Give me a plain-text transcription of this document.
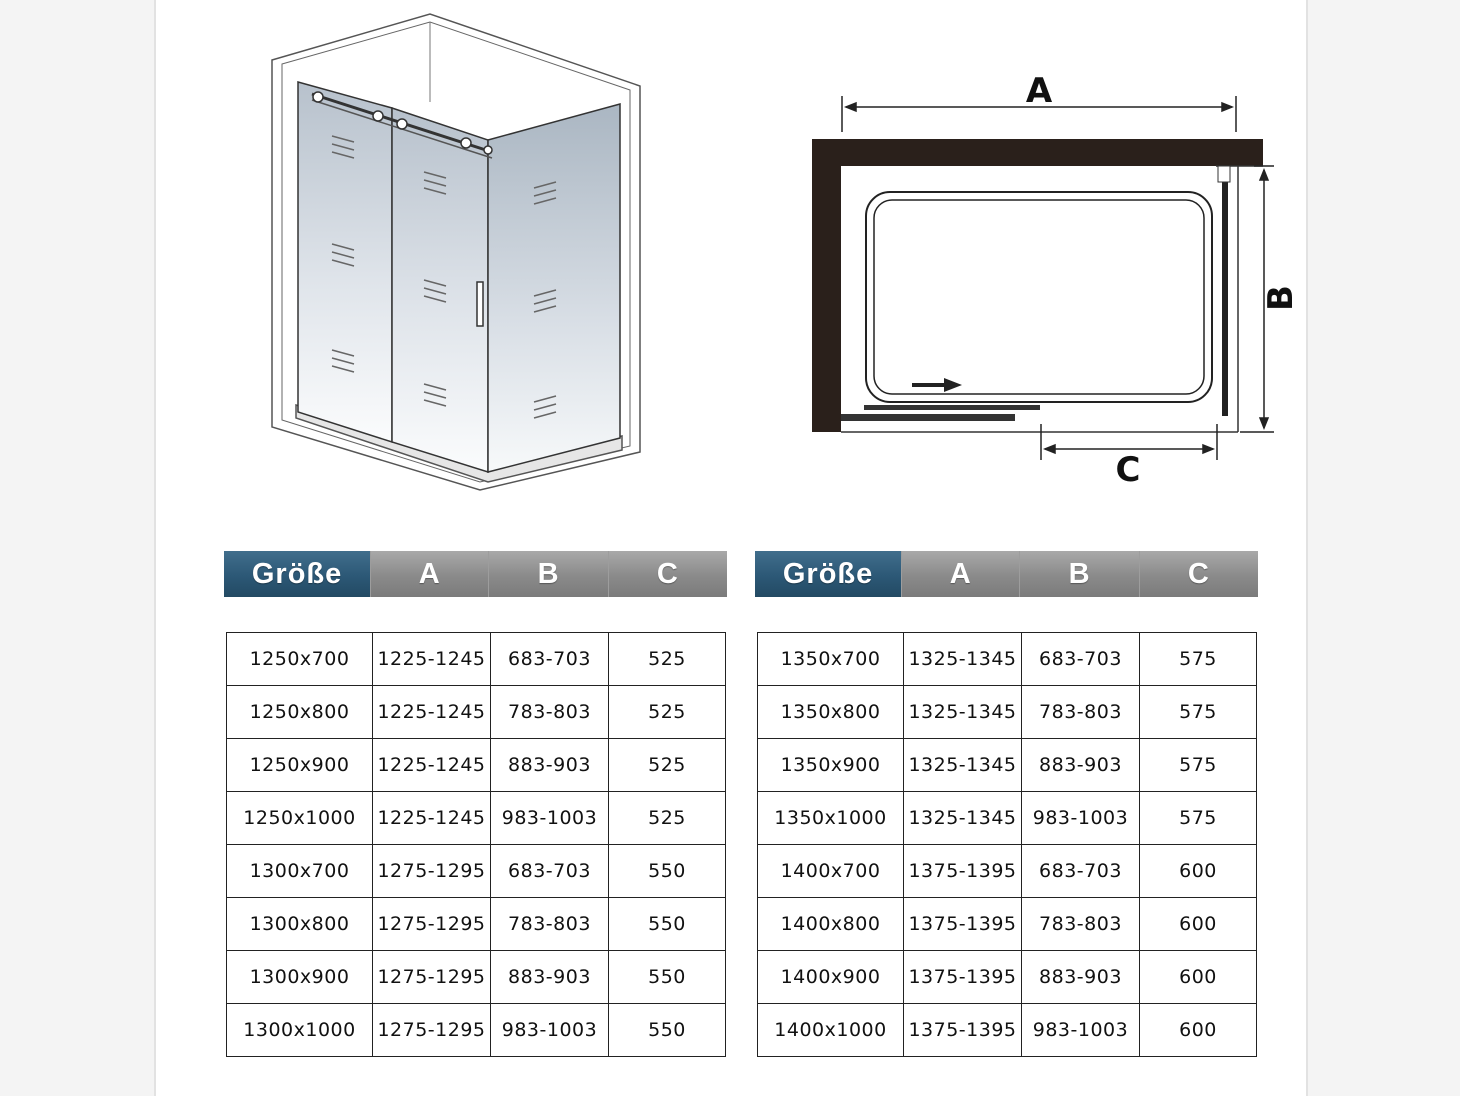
A
B
C
Größe	A	B	C
1250x700	1225-1245	683-703	525
1250x800	1225-1245	783-803	525
1250x900	1225-1245	883-903	525
1250x1000	1225-1245	983-1003	525
1300x700	1275-1295	683-703	550
1300x800	1275-1295	783-803	550
1300x900	1275-1295	883-903	550
1300x1000	1275-1295	983-1003	550
Größe	A	B	C
1350x700	1325-1345	683-703	575
1350x800	1325-1345	783-803	575
1350x900	1325-1345	883-903	575
1350x1000	1325-1345	983-1003	575
1400x700	1375-1395	683-703	600
1400x800	1375-1395	783-803	600
1400x900	1375-1395	883-903	600
1400x1000	1375-1395	983-1003	600
